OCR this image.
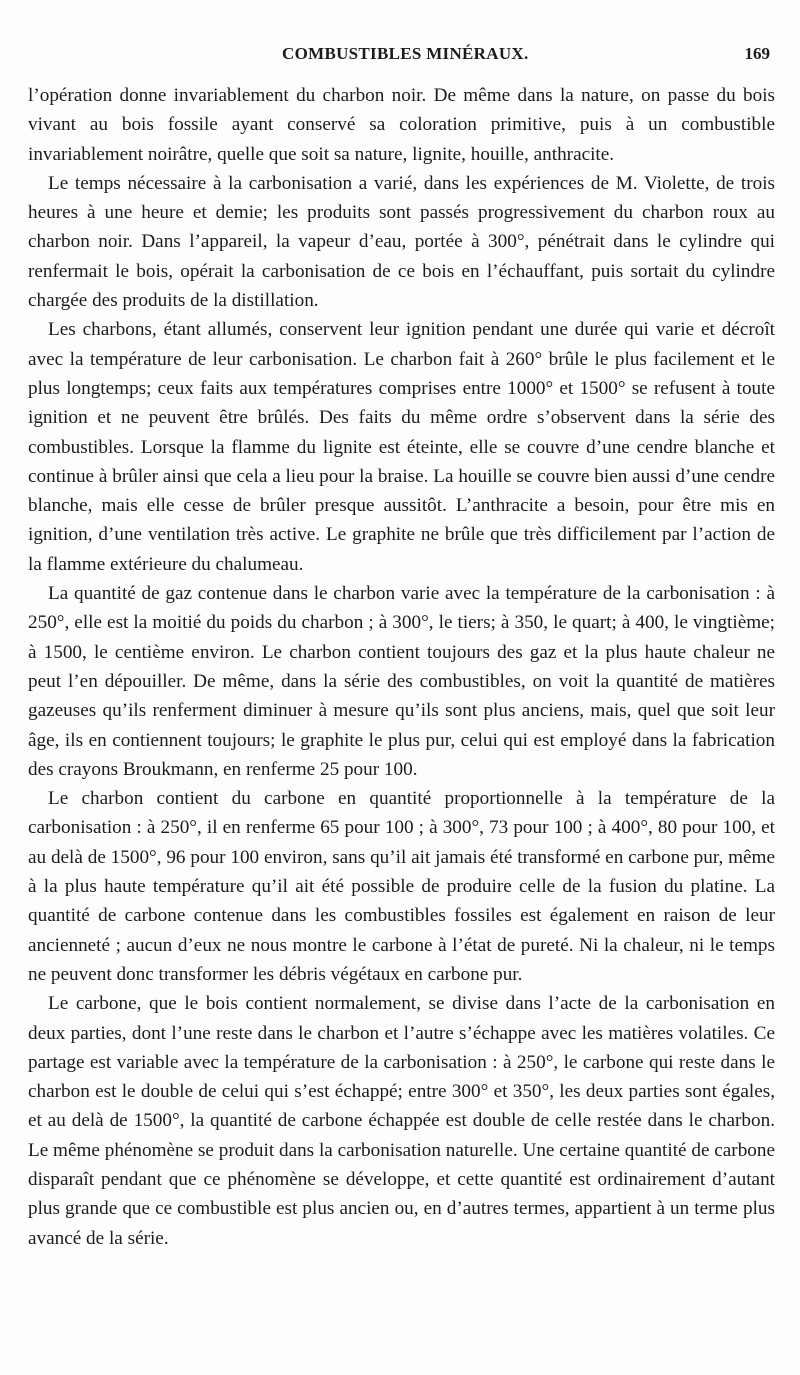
COMBUSTIBLES MINÉRAUX.	169

l’opération donne invariablement du charbon noir. De même dans la nature, on passe du bois vivant au bois fossile ayant conservé sa coloration primitive, puis à un combustible invariablement noirâtre, quelle que soit sa nature, lignite, houille, anthracite.

Le temps nécessaire à la carbonisation a varié, dans les expériences de M. Violette, de trois heures à une heure et demie; les produits sont passés progressivement du charbon roux au charbon noir. Dans l’appareil, la vapeur d’eau, portée à 300°, pénétrait dans le cylindre qui renfermait le bois, opérait la carbonisation de ce bois en l’échauffant, puis sortait du cylindre chargée des produits de la distillation.

Les charbons, étant allumés, conservent leur ignition pendant une durée qui varie et décroît avec la température de leur carbonisation. Le charbon fait à 260° brûle le plus facilement et le plus longtemps; ceux faits aux températures comprises entre 1000° et 1500° se refusent à toute ignition et ne peuvent être brûlés. Des faits du même ordre s’observent dans la série des combustibles. Lorsque la flamme du lignite est éteinte, elle se couvre d’une cendre blanche et continue à brûler ainsi que cela a lieu pour la braise. La houille se couvre bien aussi d’une cendre blanche, mais elle cesse de brûler presque aussitôt. L’anthracite a besoin, pour être mis en ignition, d’une ventilation très active. Le graphite ne brûle que très difficilement par l’action de la flamme extérieure du chalumeau.

La quantité de gaz contenue dans le charbon varie avec la température de la carbonisation : à 250°, elle est la moitié du poids du charbon ; à 300°, le tiers; à 350, le quart; à 400, le vingtième; à 1500, le centième environ. Le charbon contient toujours des gaz et la plus haute chaleur ne peut l’en dépouiller. De même, dans la série des combustibles, on voit la quantité de matières gazeuses qu’ils renferment diminuer à mesure qu’ils sont plus anciens, mais, quel que soit leur âge, ils en contiennent toujours; le graphite le plus pur, celui qui est employé dans la fabrication des crayons Broukmann, en renferme 25 pour 100.

Le charbon contient du carbone en quantité proportionnelle à la température de la carbonisation : à 250°, il en renferme 65 pour 100 ; à 300°, 73 pour 100 ; à 400°, 80 pour 100, et au delà de 1500°, 96 pour 100 environ, sans qu’il ait jamais été transformé en carbone pur, même à la plus haute température qu’il ait été possible de produire celle de la fusion du platine. La quantité de carbone contenue dans les combustibles fossiles est également en raison de leur ancienneté ; aucun d’eux ne nous montre le carbone à l’état de pureté. Ni la chaleur, ni le temps ne peuvent donc transformer les débris végétaux en carbone pur.

Le carbone, que le bois contient normalement, se divise dans l’acte de la carbonisation en deux parties, dont l’une reste dans le charbon et l’autre s’échappe avec les matières volatiles. Ce partage est variable avec la température de la carbonisation : à 250°, le carbone qui reste dans le charbon est le double de celui qui s’est échappé; entre 300° et 350°, les deux parties sont égales, et au delà de 1500°, la quantité de carbone échappée est double de celle restée dans le charbon. Le même phénomène se produit dans la carbonisation naturelle. Une certaine quantité de carbone disparaît pendant que ce phénomène se développe, et cette quantité est ordinairement d’autant plus grande que ce combustible est plus ancien ou, en d’autres termes, appartient à un terme plus avancé de la série.
